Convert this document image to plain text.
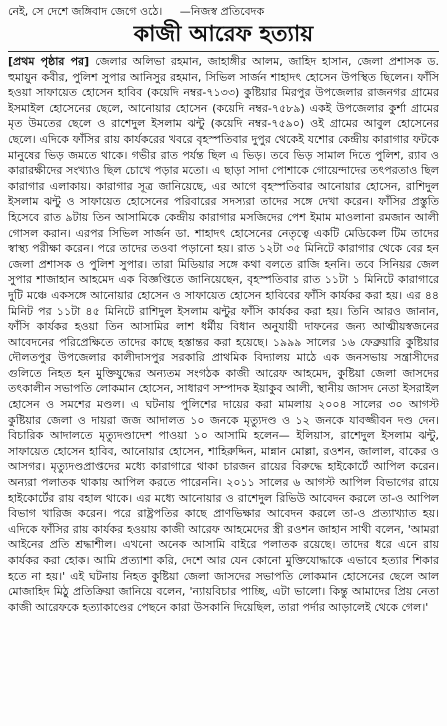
নেই, সে দেশে জঙ্গিবাদ জেগে ওঠে। —নিজস্ব প্রতিবেদক
কাজী আরেফ হত্যায়
[প্রথম পৃষ্ঠার পর] জেলার অলিভা রহমান, জাহাঙ্গীর আলম, জাহিদ হাসান, জেলা প্রশাসক ড. হুমায়ুন কবীর, পুলিশ সুপার আনিসুর রহমান, সিভিল সার্জন শাহাদৎ হোসেন উপস্থিত ছিলেন। ফাঁসি হওয়া সাফায়েত হোসেন হাবিব (কয়েদি নম্বর-৭১৩৩) কুষ্টিয়ার মিরপুর উপজেলার রাজনগর গ্রামের ইসমাইল হোসেনের ছেলে, আনোয়ার হোসেন (কয়েদি নম্বর-৭৫৮৯) একই উপজেলার কুর্শা গ্রামের মৃত উমতের ছেলে ও রাশেদুল ইসলাম ঝন্টু (কয়েদি নম্বর-৭৫৯০) ওই গ্রামের আবুল হোসেনের ছেলে। এদিকে ফাঁসির রায় কার্যকরের খবরে বৃহস্পতিবার দুপুর থেকেই যশোর কেন্দ্রীয় কারাগার ফটকে মানুষের ভিড় জমতে থাকে। গভীর রাত পর্যন্ত ছিল এ ভিড়। তবে ভিড় সামাল দিতে পুলিশ, র‌্যাব ও কারারক্ষীদের সংখ্যাও ছিল চোখে পড়ার মতো। এ ছাড়া সাদা পোশাকে গোয়েন্দাদের তৎপরতাও ছিল কারাগার এলাকায়। কারাগার সূত্র জানিয়েছে, এর আগে বৃহস্পতিবার আনোয়ার হোসেন, রাশিদুল ইসলাম ঝন্টু ও সাফায়েত হোসেনের পরিবারের সদস্যরা তাদের সঙ্গে দেখা করেন। ফাঁসির প্রস্তুতি হিসেবে রাত ৯টায় তিন আসামিকে কেন্দ্রীয় কারাগার মসজিদের পেশ ইমাম মাওলানা রমজান আলী গোসল করান। এরপর সিভিল সার্জন ডা. শাহাদৎ হোসেনের নেতৃত্বে একটি মেডিকেল টিম তাদের স্বাস্থ্য পরীক্ষা করেন। পরে তাদের তওবা পড়ানো হয়। রাত ১২টা ৩৫ মিনিটে কারাগার থেকে বের হন জেলা প্রশাসক ও পুলিশ সুপার। তারা মিডিয়ার সঙ্গে কথা বলতে রাজি হননি। তবে সিনিয়র জেল সুপার শাজাহান আহমেদ এক বিজ্ঞপ্তিতে জানিয়েছেন, বৃহস্পতিবার রাত ১১টা ১ মিনিটে কারাগারে দুটি মঞ্চে একসঙ্গে আনোয়ার হোসেন ও সাফায়েত হোসেন হাবিবের ফাঁসি কার্যকর করা হয়। এর ৪৪ মিনিট পর ১১টা ৪৫ মিনিটে রাশিদুল ইসলাম ঝন্টুর ফাঁসি কার্যকর করা হয়। তিনি আরও জানান, ফাঁসি কার্যকর হওয়া তিন আসামির লাশ ধর্মীয় বিধান অনুযায়ী দাফনের জন্য আত্মীয়স্বজনের আবেদনের পরিপ্রেক্ষিতে তাদের কাছে হস্তান্তর করা হয়েছে। ১৯৯৯ সালের ১৬ ফেব্রুয়ারি কুষ্টিয়ার দৌলতপুর উপজেলার কালীদাসপুর সরকারি প্রাথমিক বিদ্যালয় মাঠে এক জনসভায় সন্ত্রাসীদের গুলিতে নিহত হন মুক্তিযুদ্ধের অন্যতম সংগঠক কাজী আরেফ আহমেদ, কুষ্টিয়া জেলা জাসদের তৎকালীন সভাপতি লোকমান হোসেন, সাধারণ সম্পাদক ইয়াকুব আলী, স্থানীয় জাসদ নেতা ইসরাইল হোসেন ও সমশের মণ্ডল। এ ঘটনায় পুলিশের দায়ের করা মামলায় ২০০৪ সালের ৩০ আগস্ট কুষ্টিয়ার জেলা ও দায়রা জজ আদালত ১০ জনকে মৃত্যুদণ্ড ও ১২ জনকে যাবজ্জীবন দণ্ড দেন। বিচারিক আদালতে মৃত্যুদণ্ডাদেশ পাওয়া ১০ আসামি হলেন— ইলিয়াস, রাশেদুল ইসলাম ঝন্টু, সাফায়েত হোসেন হাবিব, আনোয়ার হোসেন, শাহিরুদ্দিন, মান্নান মোল্লা, রওশন, জালাল, বাকের ও আসগর। মৃত্যুদণ্ডপ্রাপ্তদের মধ্যে কারাগারে থাকা চারজন রায়ের বিরুদ্ধে হাইকোর্টে আপিল করেন। অন্যরা পলাতক থাকায় আপিল করতে পারেননি। ২০১১ সালের ৬ আগস্ট আপিল বিভাগের রায়ে হাইকোর্টের রায় বহাল থাকে। এর মধ্যে আনোয়ার ও রাশেদুল রিভিউ আবেদন করলে তা-ও আপিল বিভাগ খারিজ করেন। পরে রাষ্ট্রপতির কাছে প্রাণভিক্ষার আবেদন করলে তা-ও প্রত্যাখ্যাত হয়। এদিকে ফাঁসির রায় কার্যকর হওয়ায় কাজী আরেফ আহমেদের স্ত্রী রওশন জাহান সাথী বলেন, 'আমরা আইনের প্রতি শ্রদ্ধাশীল। এখনো অনেক আসামি বাইরে পলাতক রয়েছে। তাদের ধরে এনে রায় কার্যকর করা হোক। আমি প্রত্যাশা করি, দেশে আর যেন কোনো মুক্তিযোদ্ধাকে এভাবে হত্যার শিকার হতে না হয়।' এই ঘটনায় নিহত কুষ্টিয়া জেলা জাসদের সভাপতি লোকমান হোসেনের ছেলে আল মোজাহিদ মিঠু প্রতিক্রিয়া জানিয়ে বলেন, 'ন্যায়বিচার পাচ্ছি, এটা ভালো। কিন্তু আমাদের প্রিয় নেতা কাজী আরেফকে হত্যাকাণ্ডের পেছনে কারা উসকানি দিয়েছিল, তারা পর্দার আড়ালেই থেকে গেল।'
